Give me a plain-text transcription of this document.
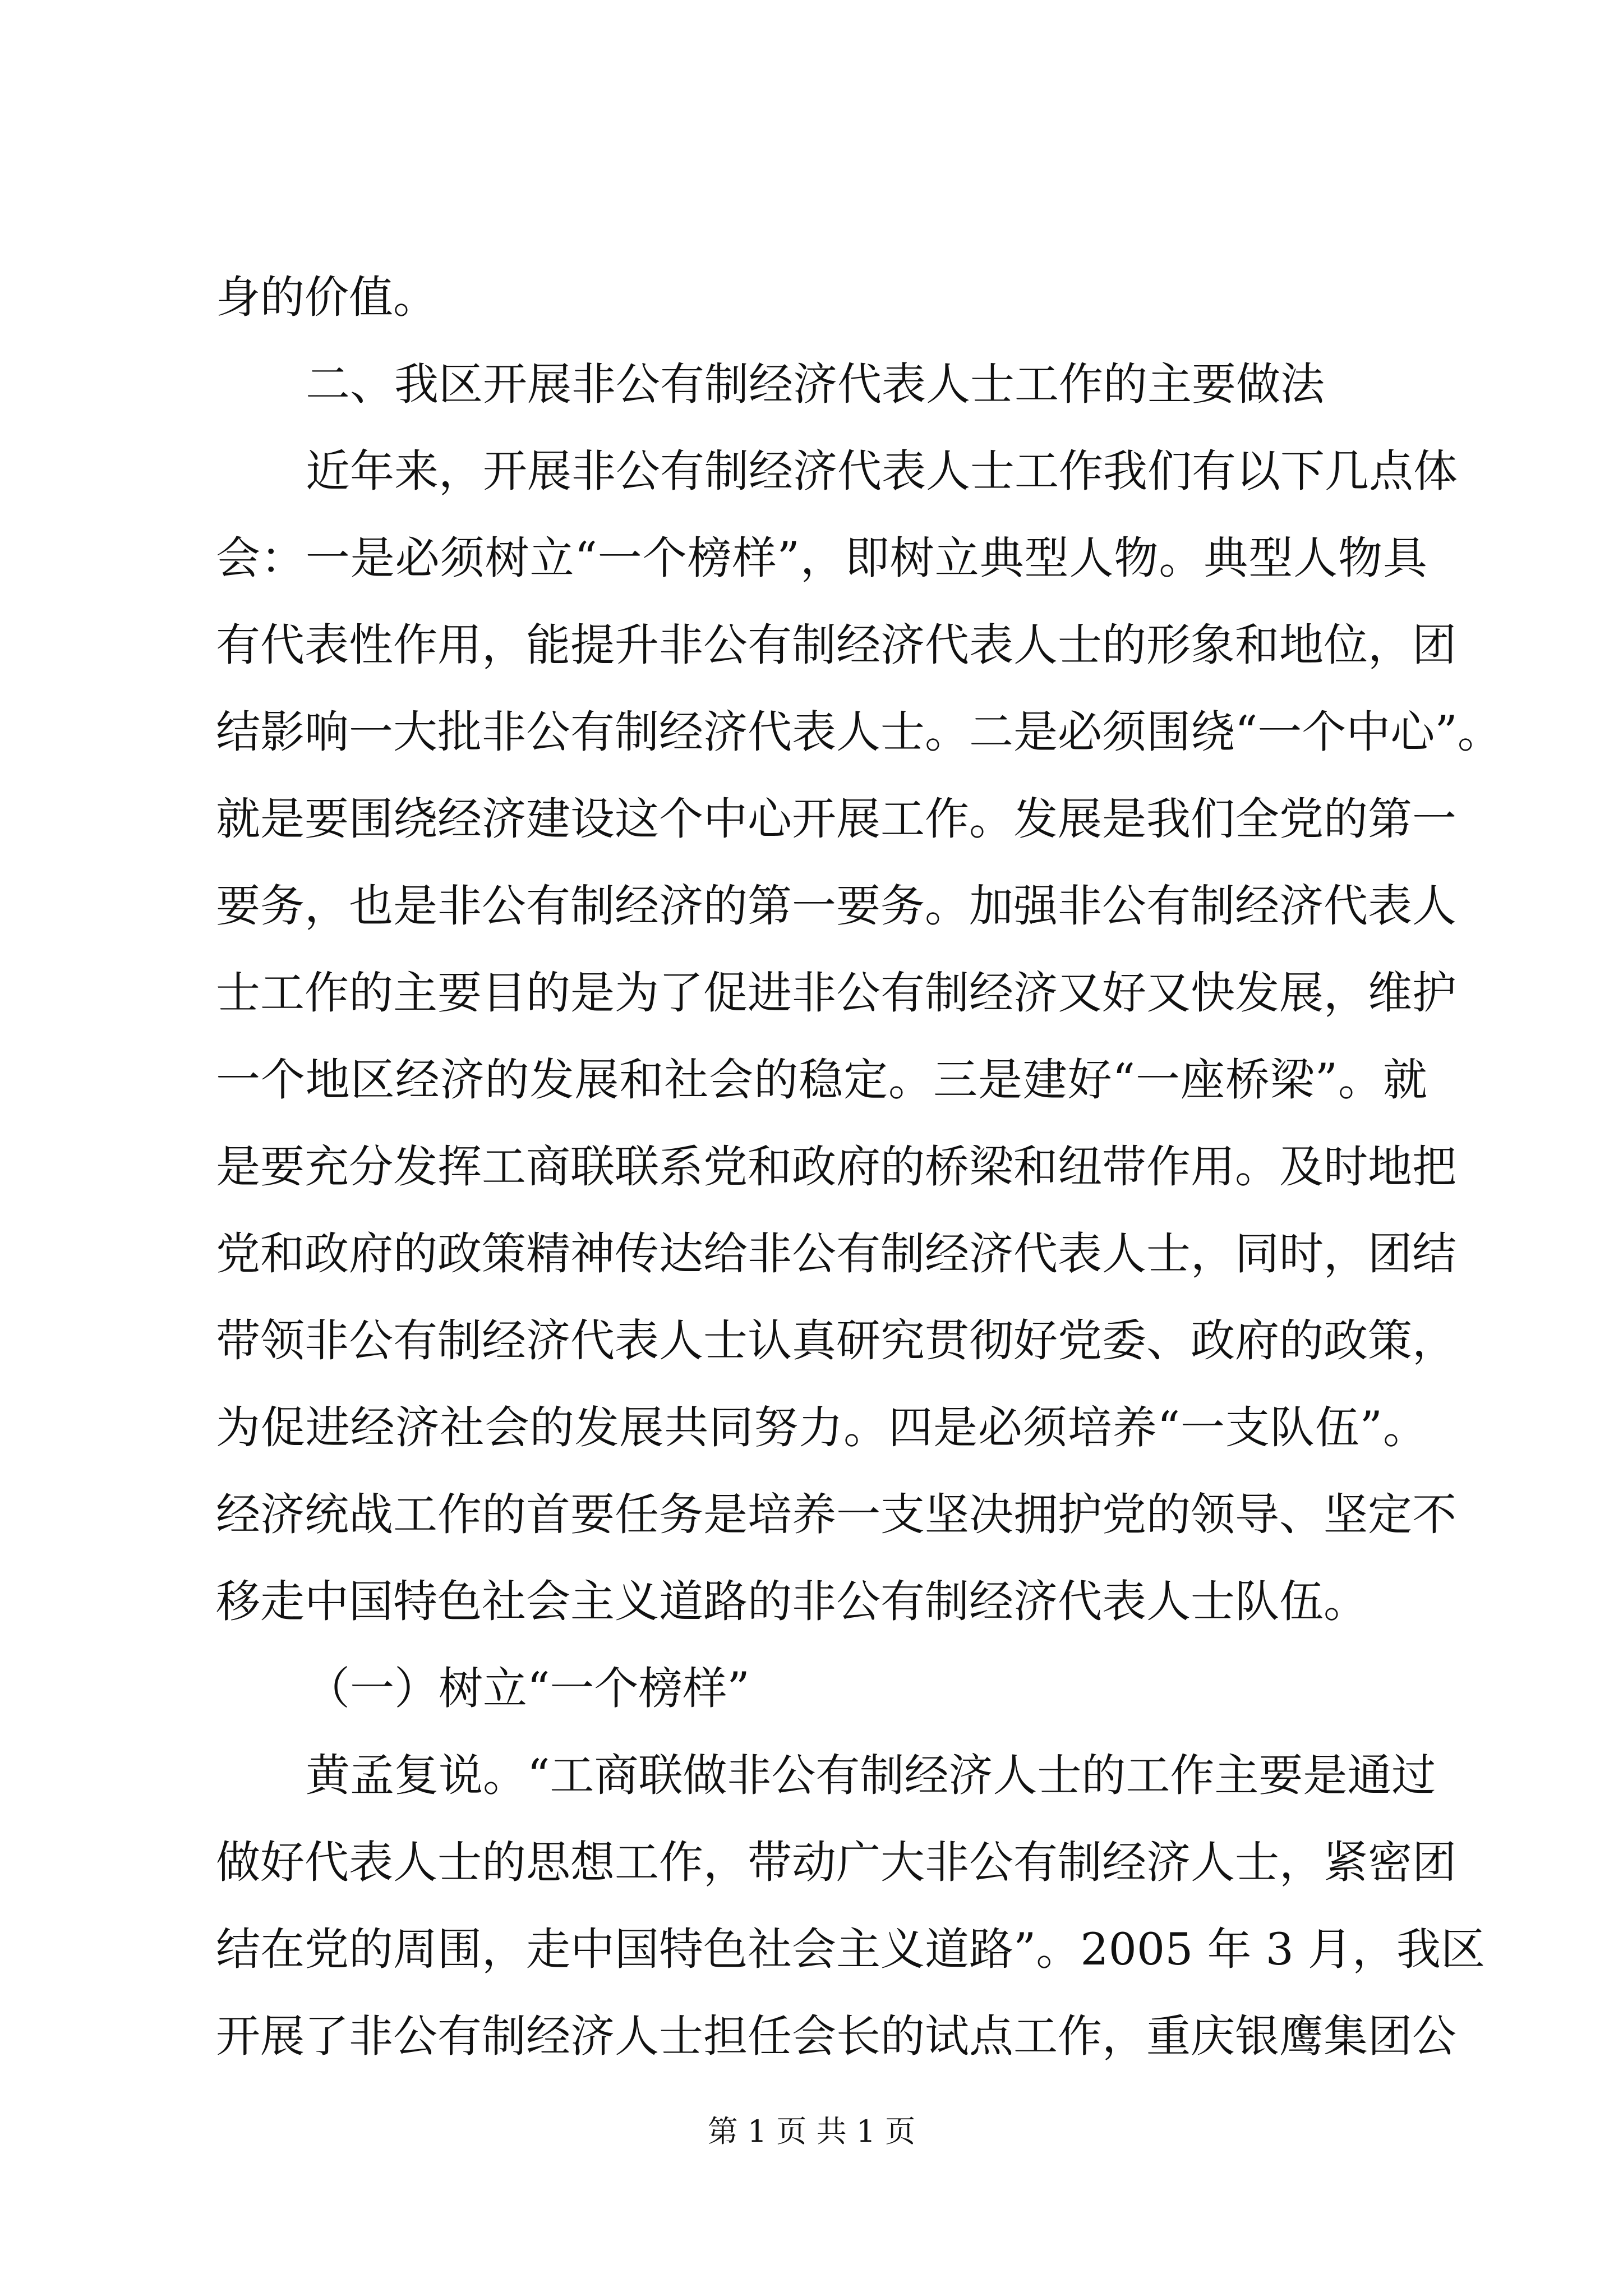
身的价值。
二、我区开展非公有制经济代表人士工作的主要做法
近年来，开展非公有制经济代表人士工作我们有以下几点体
会：一是必须树立“一个榜样”，即树立典型人物。典型人物具
有代表性作用，能提升非公有制经济代表人士的形象和地位，团
结影响一大批非公有制经济代表人士。二是必须围绕“一个中心”。
就是要围绕经济建设这个中心开展工作。发展是我们全党的第一
要务，也是非公有制经济的第一要务。加强非公有制经济代表人
士工作的主要目的是为了促进非公有制经济又好又快发展，维护
一个地区经济的发展和社会的稳定。三是建好“一座桥梁”。就
是要充分发挥工商联联系党和政府的桥梁和纽带作用。及时地把
党和政府的政策精神传达给非公有制经济代表人士，同时，团结
带领非公有制经济代表人士认真研究贯彻好党委、政府的政策，
为促进经济社会的发展共同努力。四是必须培养“一支队伍”。
经济统战工作的首要任务是培养一支坚决拥护党的领导、坚定不
移走中国特色社会主义道路的非公有制经济代表人士队伍。
（一）树立“一个榜样”
黄孟复说。“工商联做非公有制经济人士的工作主要是通过
做好代表人士的思想工作，带动广大非公有制经济人士，紧密团
结在党的周围，走中国特色社会主义道路”。2005 年 3 月，我区
开展了非公有制经济人士担任会长的试点工作，重庆银鹰集团公
第 1 页 共 1 页
